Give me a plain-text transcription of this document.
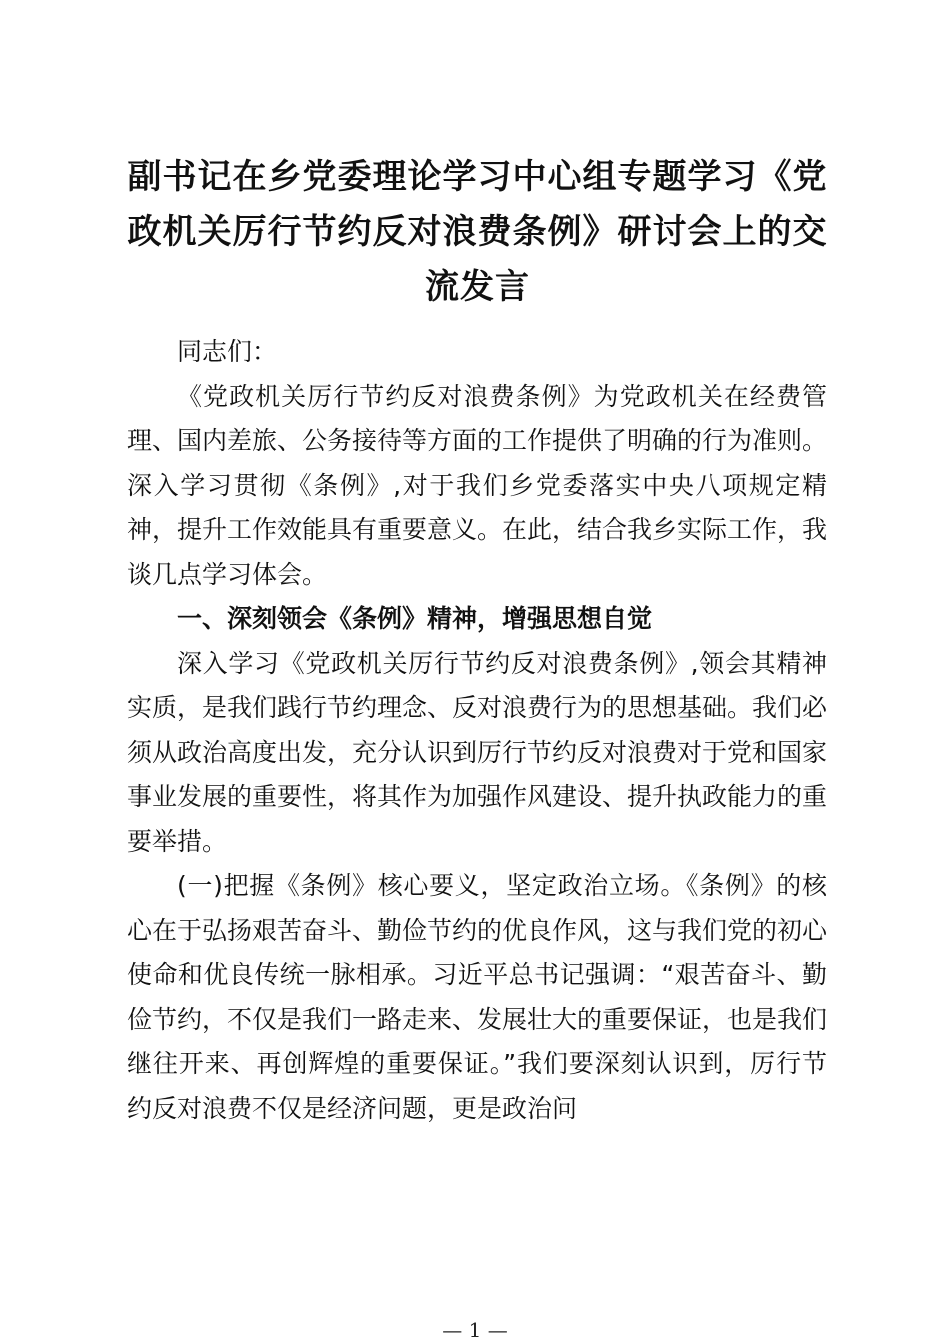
副书记在乡党委理论学习中心组专题学习《党政机关厉行节约反对浪费条例》研讨会上的交流发言

同志们：

《党政机关厉行节约反对浪费条例》为党政机关在经费管理、国内差旅、公务接待等方面的工作提供了明确的行为准则。深入学习贯彻《条例》,对于我们乡党委落实中央八项规定精神，提升工作效能具有重要意义。在此，结合我乡实际工作，我谈几点学习体会。

一、深刻领会《条例》精神，增强思想自觉

深入学习《党政机关厉行节约反对浪费条例》,领会其精神实质，是我们践行节约理念、反对浪费行为的思想基础。我们必须从政治高度出发，充分认识到厉行节约反对浪费对于党和国家事业发展的重要性，将其作为加强作风建设、提升执政能力的重要举措。

(一)把握《条例》核心要义，坚定政治立场。《条例》的核心在于弘扬艰苦奋斗、勤俭节约的优良作风，这与我们党的初心使命和优良传统一脉相承。习近平总书记强调：“艰苦奋斗、勤俭节约，不仅是我们一路走来、发展壮大的重要保证，也是我们继往开来、再创辉煌的重要保证。”我们要深刻认识到，厉行节约反对浪费不仅是经济问题，更是政治问

— 1 —
